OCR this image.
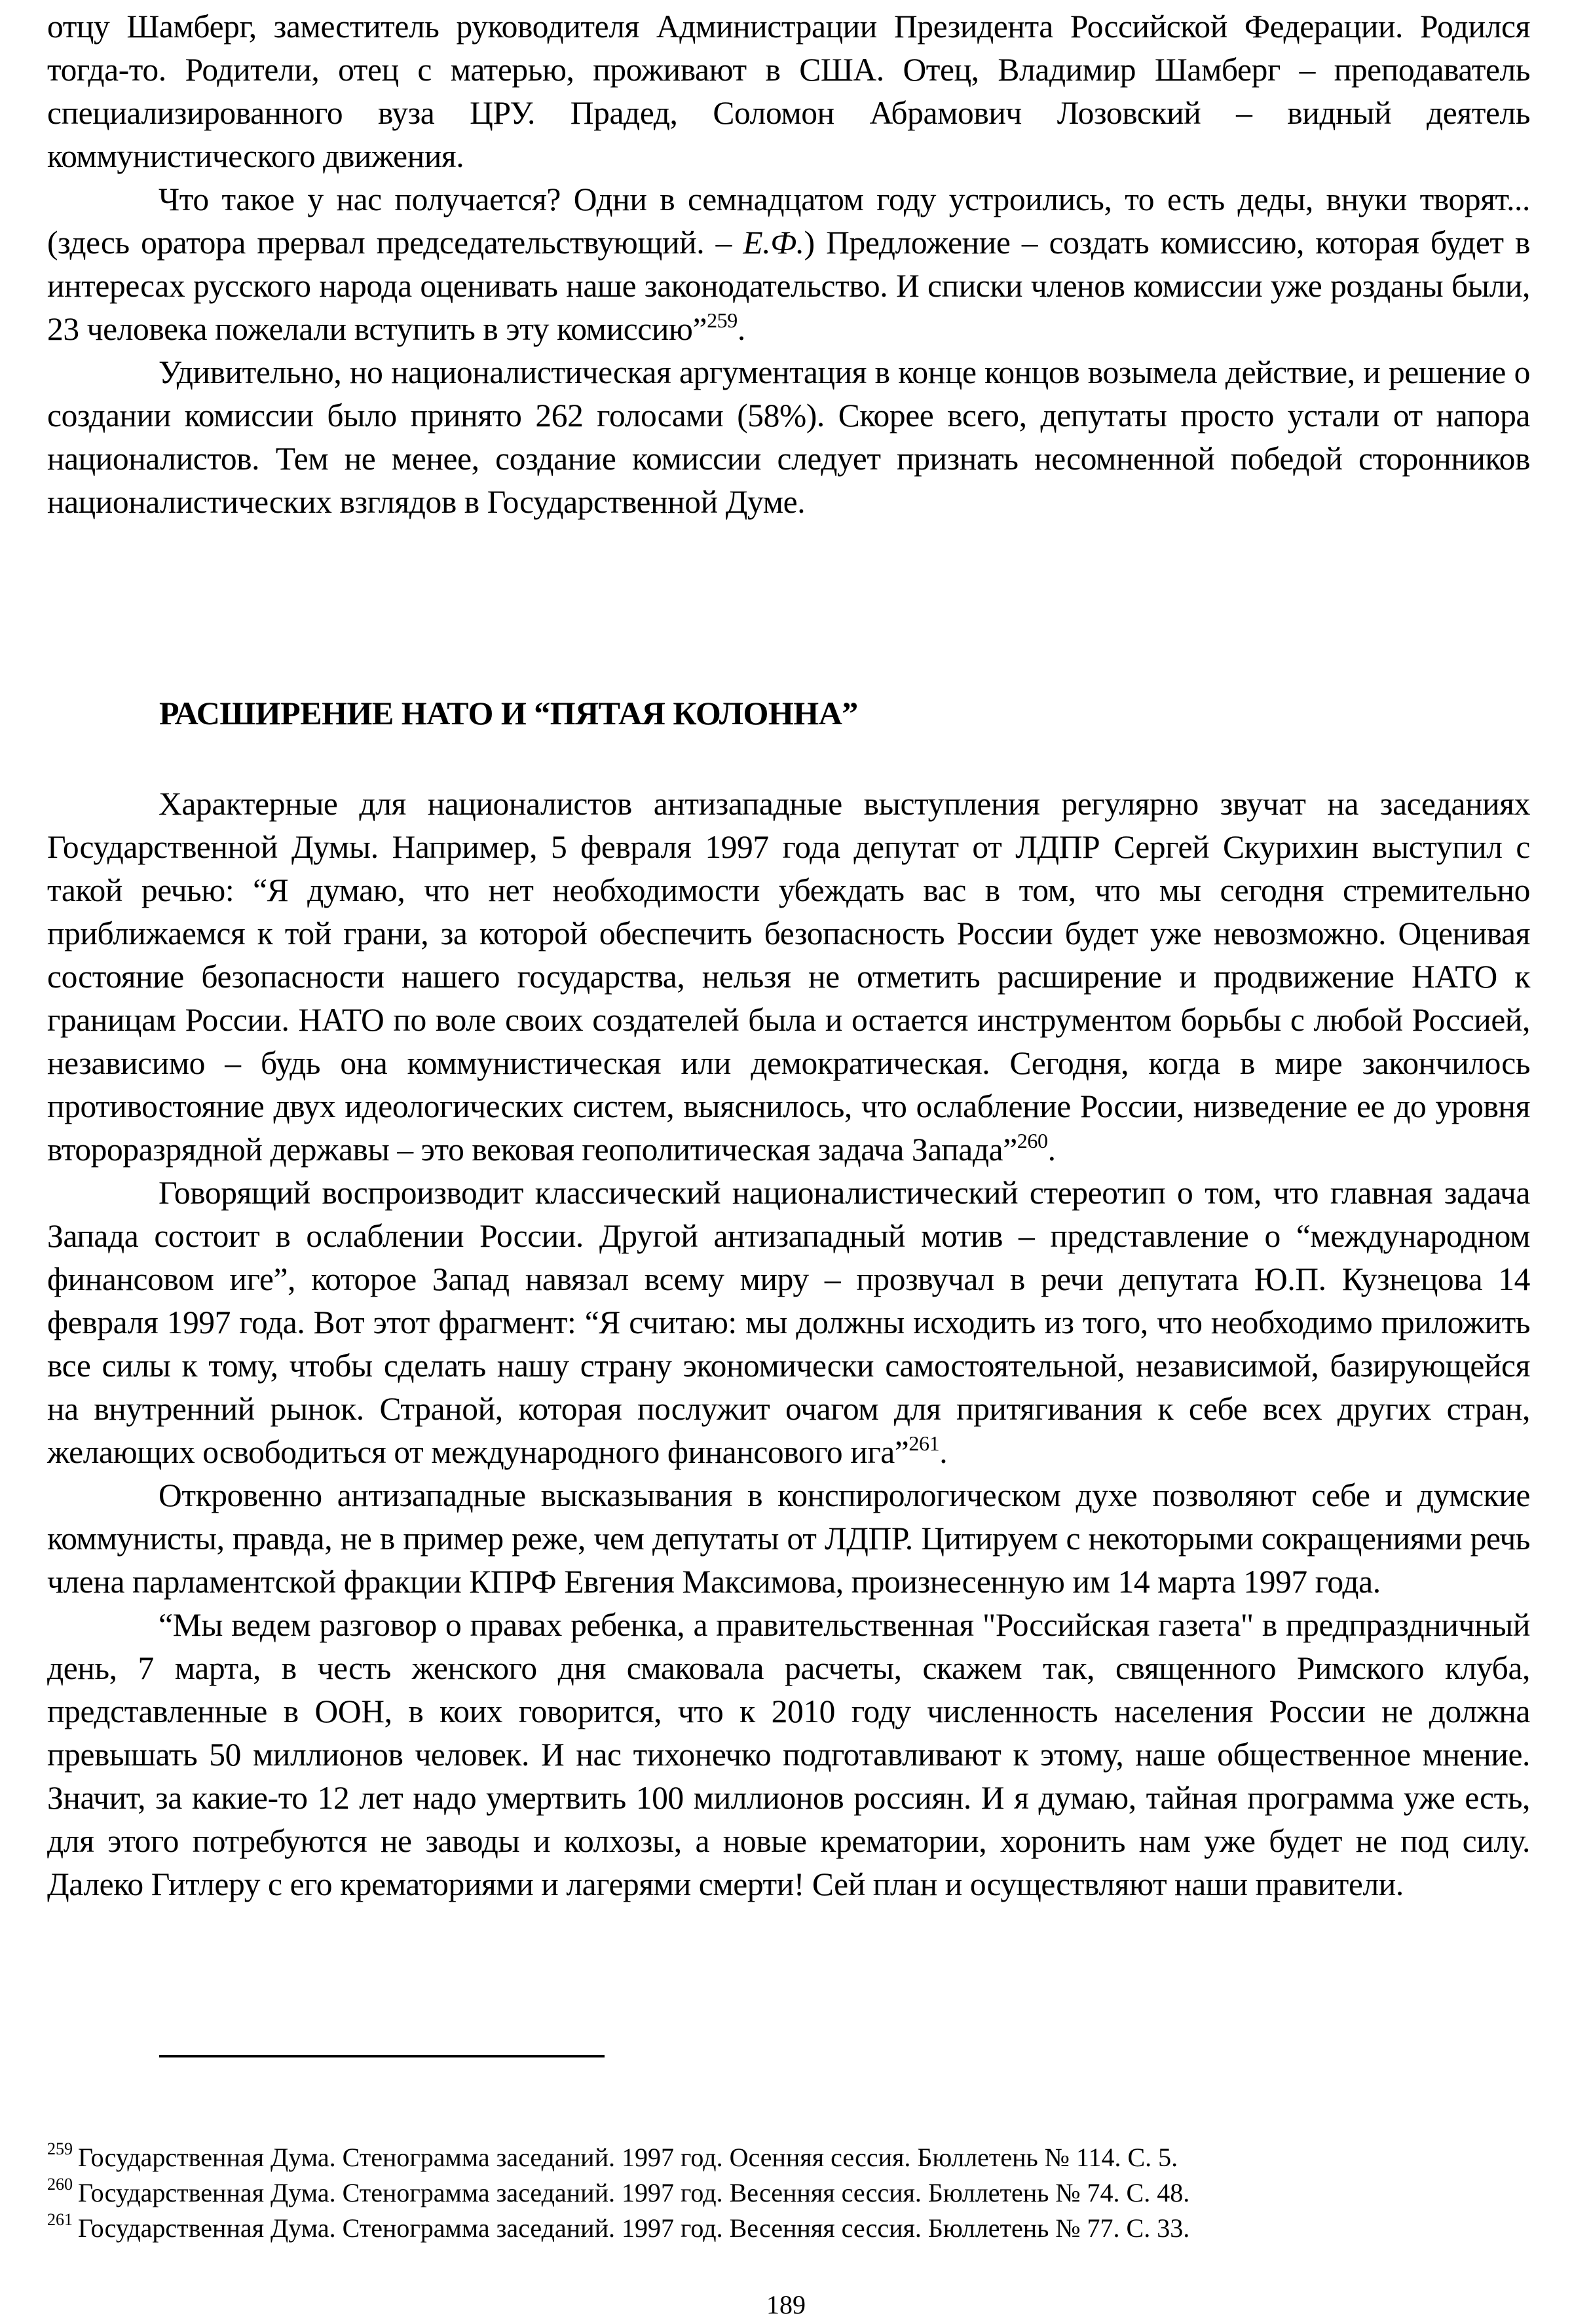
отцу Шамберг, заместитель руководителя Администрации Президента Российской Федерации. Родился тогда-то. Родители, отец с матерью, проживают в США. Отец, Владимир Шамберг – преподаватель специализированного вуза ЦРУ. Прадед, Соломон Абрамович Лозовский – видный деятель коммунистического движения.

Что такое у нас получается? Одни в семнадцатом году устроились, то есть деды, внуки творят... (здесь оратора прервал председательствующий. – Е.Ф.) Предложение – создать комиссию, которая будет в интересах русского народа оценивать наше законодательство. И списки членов комиссии уже розданы были, 23 человека пожелали вступить в эту комиссию”$^{259}$.

Удивительно, но националистическая аргументация в конце концов возымела действие, и решение о создании комиссии было принято 262 голосами (58%). Скорее всего, депутаты просто устали от напора националистов. Тем не менее, создание комиссии следует признать несомненной победой сторонников националистических взглядов в Государственной Думе.

РАСШИРЕНИЕ НАТО И “ПЯТАЯ КОЛОННА”

Характерные для националистов антизападные выступления регулярно звучат на заседаниях Государственной Думы. Например, 5 февраля 1997 года депутат от ЛДПР Сергей Скурихин выступил с такой речью: “Я думаю, что нет необходимости убеждать вас в том, что мы сегодня стремительно приближаемся к той грани, за которой обеспечить безопасность России будет уже невозможно. Оценивая состояние безопасности нашего государства, нельзя не отметить расширение и продвижение НАТО к границам России. НАТО по воле своих создателей была и остается инструментом борьбы с любой Россией, независимо – будь она коммунистическая или демократическая. Сегодня, когда в мире закончилось противостояние двух идеологических систем, выяснилось, что ослабление России, низведение ее до уровня второразрядной державы – это вековая геополитическая задача Запада”$^{260}$.

Говорящий воспроизводит классический националистический стереотип о том, что главная задача Запада состоит в ослаблении России. Другой антизападный мотив – представление о “международном финансовом иге”, которое Запад навязал всему миру – прозвучал в речи депутата Ю.П. Кузнецова 14 февраля 1997 года. Вот этот фрагмент: “Я считаю: мы должны исходить из того, что необходимо приложить все силы к тому, чтобы сделать нашу страну экономически самостоятельной, независимой, базирующейся на внутренний рынок. Страной, которая послужит очагом для притягивания к себе всех других стран, желающих освободиться от международного финансового ига”$^{261}$.

Откровенно антизападные высказывания в конспирологическом духе позволяют себе и думские коммунисты, правда, не в пример реже, чем депутаты от ЛДПР. Цитируем с некоторыми сокращениями речь члена парламентской фракции КПРФ Евгения Максимова, произнесенную им 14 марта 1997 года.

“Мы ведем разговор о правах ребенка, а правительственная "Российская газета" в предпраздничный день, 7 марта, в честь женского дня смаковала расчеты, скажем так, священного Римского клуба, представленные в ООН, в коих говорится, что к 2010 году численность населения России не должна превышать 50 миллионов человек. И нас тихонечко подготавливают к этому, наше общественное мнение. Значит, за какие-то 12 лет надо умертвить 100 миллионов россиян. И я думаю, тайная программа уже есть, для этого потребуются не заводы и колхозы, а новые крематории, хоронить нам уже будет не под силу. Далеко Гитлеру с его крематориями и лагерями смерти! Сей план и осуществляют наши правители.

$^{259}$ Государственная Дума. Стенограмма заседаний. 1997 год. Осенняя сессия. Бюллетень № 114. С. 5.
$^{260}$ Государственная Дума. Стенограмма заседаний. 1997 год. Весенняя сессия. Бюллетень № 74. С. 48.
$^{261}$ Государственная Дума. Стенограмма заседаний. 1997 год. Весенняя сессия. Бюллетень № 77. С. 33.
189
